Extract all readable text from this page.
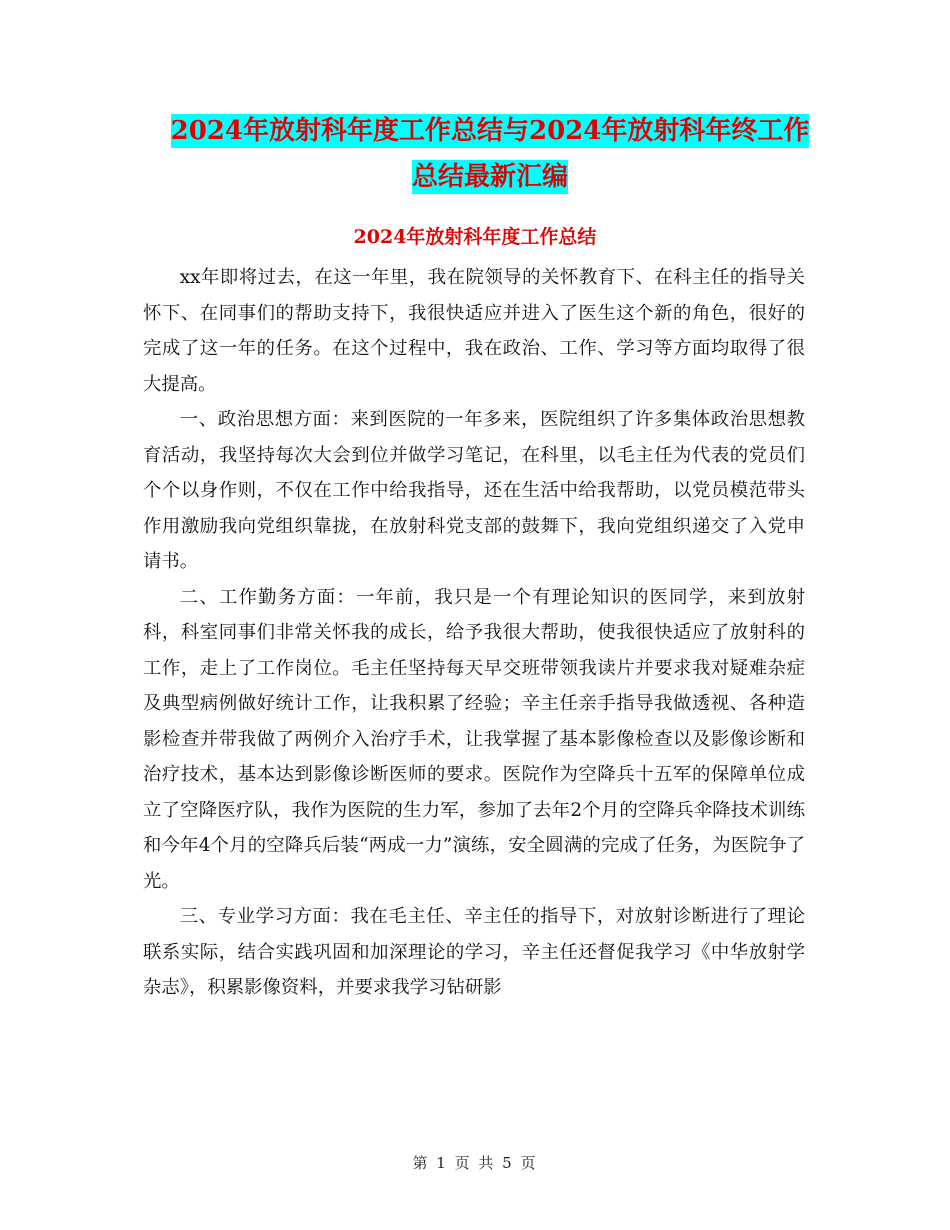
2024年放射科年度工作总结与2024年放射科年终工作
总结最新汇编
2024年放射科年度工作总结

xx年即将过去，在这一年里，我在院领导的关怀教育下、在科主任的指导关怀下、在同事们的帮助支持下，我很快适应并进入了医生这个新的角色，很好的完成了这一年的任务。在这个过程中，我在政治、工作、学习等方面均取得了很大提高。

一、政治思想方面：来到医院的一年多来，医院组织了许多集体政治思想教育活动，我坚持每次大会到位并做学习笔记，在科里，以毛主任为代表的党员们个个以身作则，不仅在工作中给我指导，还在生活中给我帮助，以党员模范带头作用激励我向党组织靠拢，在放射科党支部的鼓舞下，我向党组织递交了入党申请书。

二、工作勤务方面：一年前，我只是一个有理论知识的医同学，来到放射科，科室同事们非常关怀我的成长，给予我很大帮助，使我很快适应了放射科的工作，走上了工作岗位。毛主任坚持每天早交班带领我读片并要求我对疑难杂症及典型病例做好统计工作，让我积累了经验；辛主任亲手指导我做透视、各种造影检查并带我做了两例介入治疗手术，让我掌握了基本影像检查以及影像诊断和治疗技术，基本达到影像诊断医师的要求。医院作为空降兵十五军的保障单位成立了空降医疗队，我作为医院的生力军，参加了去年2个月的空降兵伞降技术训练和今年4个月的空降兵后装“两成一力”演练，安全圆满的完成了任务，为医院争了光。

三、专业学习方面：我在毛主任、辛主任的指导下，对放射诊断进行了理论联系实际，结合实践巩固和加深理论的学习，辛主任还督促我学习《中华放射学杂志》，积累影像资料，并要求我学习钻研影

第 1 页 共 5 页
